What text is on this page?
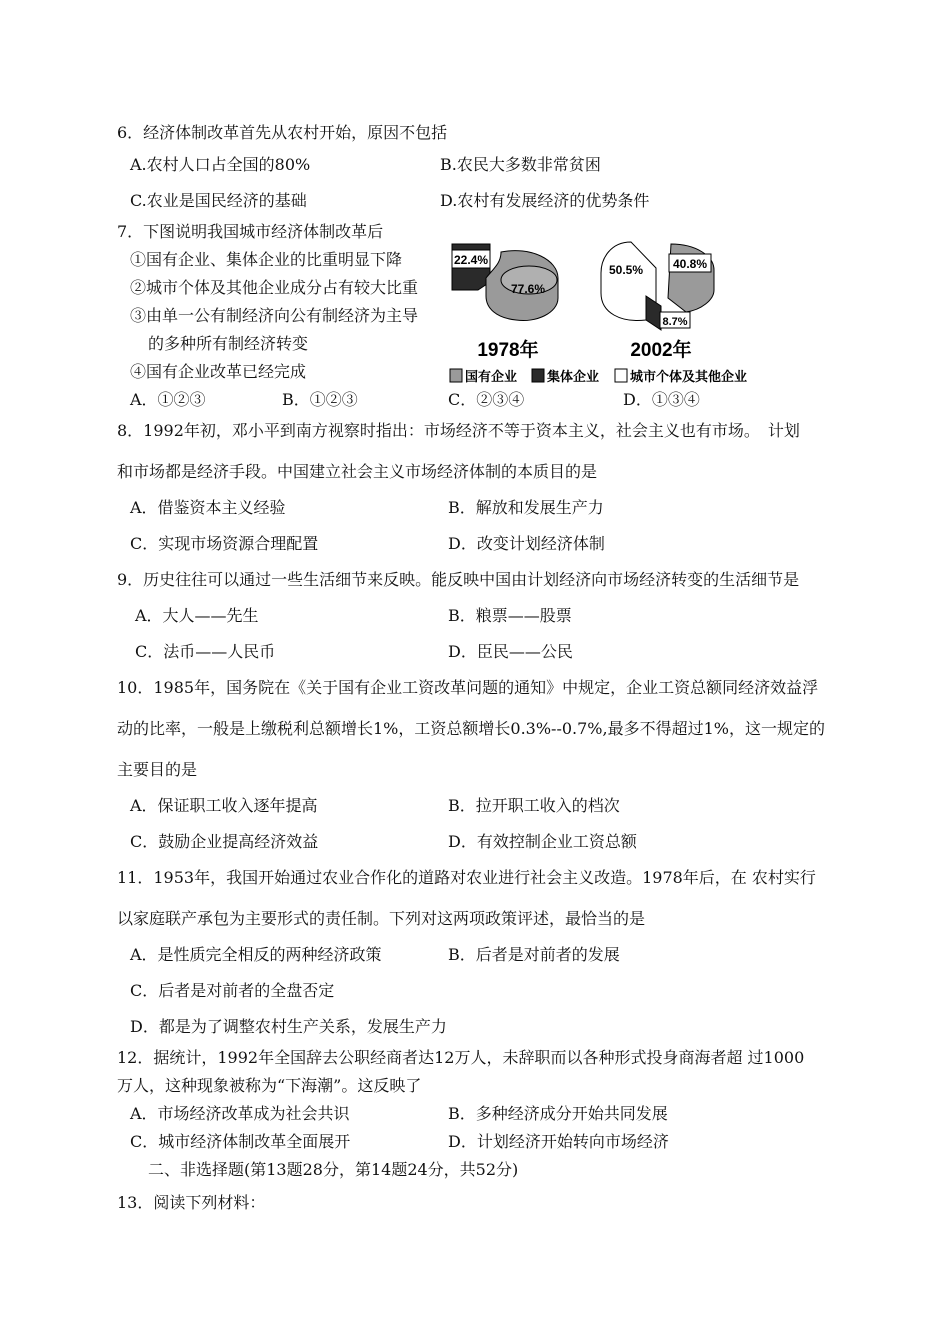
6．经济体制改革首先从农村开始，原因不包括
A.农村人口占全国的80%	B.农民大多数非常贫困
C.农业是国民经济的基础	D.农村有发展经济的优势条件
7．下图说明我国城市经济体制改革后
①国有企业、集体企业的比重明显下降
②城市个体及其他企业成分占有较大比重
③由单一公有制经济向公有制经济为主导
的多种所有制经济转变
④国有企业改革已经完成
A．①②③	B．①②③	C．②③④	D．①③④
22.4%
77.6%
1978年
40.8%
50.5%
8.7%
2002年
国有企业 集体企业 城市个体及其他企业
8．1992年初，邓小平到南方视察时指出：市场经济不等于资本主义，社会主义也有市场。　计划
和市场都是经济手段。中国建立社会主义市场经济体制的本质目的是
A．借鉴资本主义经验	B．解放和发展生产力
C．实现市场资源合理配置	D．改变计划经济体制
9．历史往往可以通过一些生活细节来反映。能反映中国由计划经济向市场经济转变的生活细节是
A．大人——先生	B．粮票——股票
C．法币——人民币	D．臣民——公民
10．1985年，国务院在《关于国有企业工资改革问题的通知》中规定，企业工资总额同经济效益浮
动的比率，一般是上缴税利总额增长1%，工资总额增长0.3%--0.7%,最多不得超过1%，这一规定的
主要目的是
A．保证职工收入逐年提高	B．拉开职工收入的档次
C．鼓励企业提高经济效益	D．有效控制企业工资总额
11．1953年，我国开始通过农业合作化的道路对农业进行社会主义改造。1978年后，在 农村实行
以家庭联产承包为主要形式的责任制。下列对这两项政策评述，最恰当的是
A．是性质完全相反的两种经济政策	B．后者是对前者的发展
C．后者是对前者的全盘否定
D．都是为了调整农村生产关系，发展生产力
12．据统计，1992年全国辞去公职经商者达12万人，未辞职而以各种形式投身商海者超 过1000
万人，这种现象被称为“下海潮”。这反映了
A．市场经济改革成为社会共识	B．多种经济成分开始共同发展
C．城市经济体制改革全面展开	D．计划经济开始转向市场经济
二、非选择题(第13题28分，第14题24分，共52分)
13．阅读下列材料：
